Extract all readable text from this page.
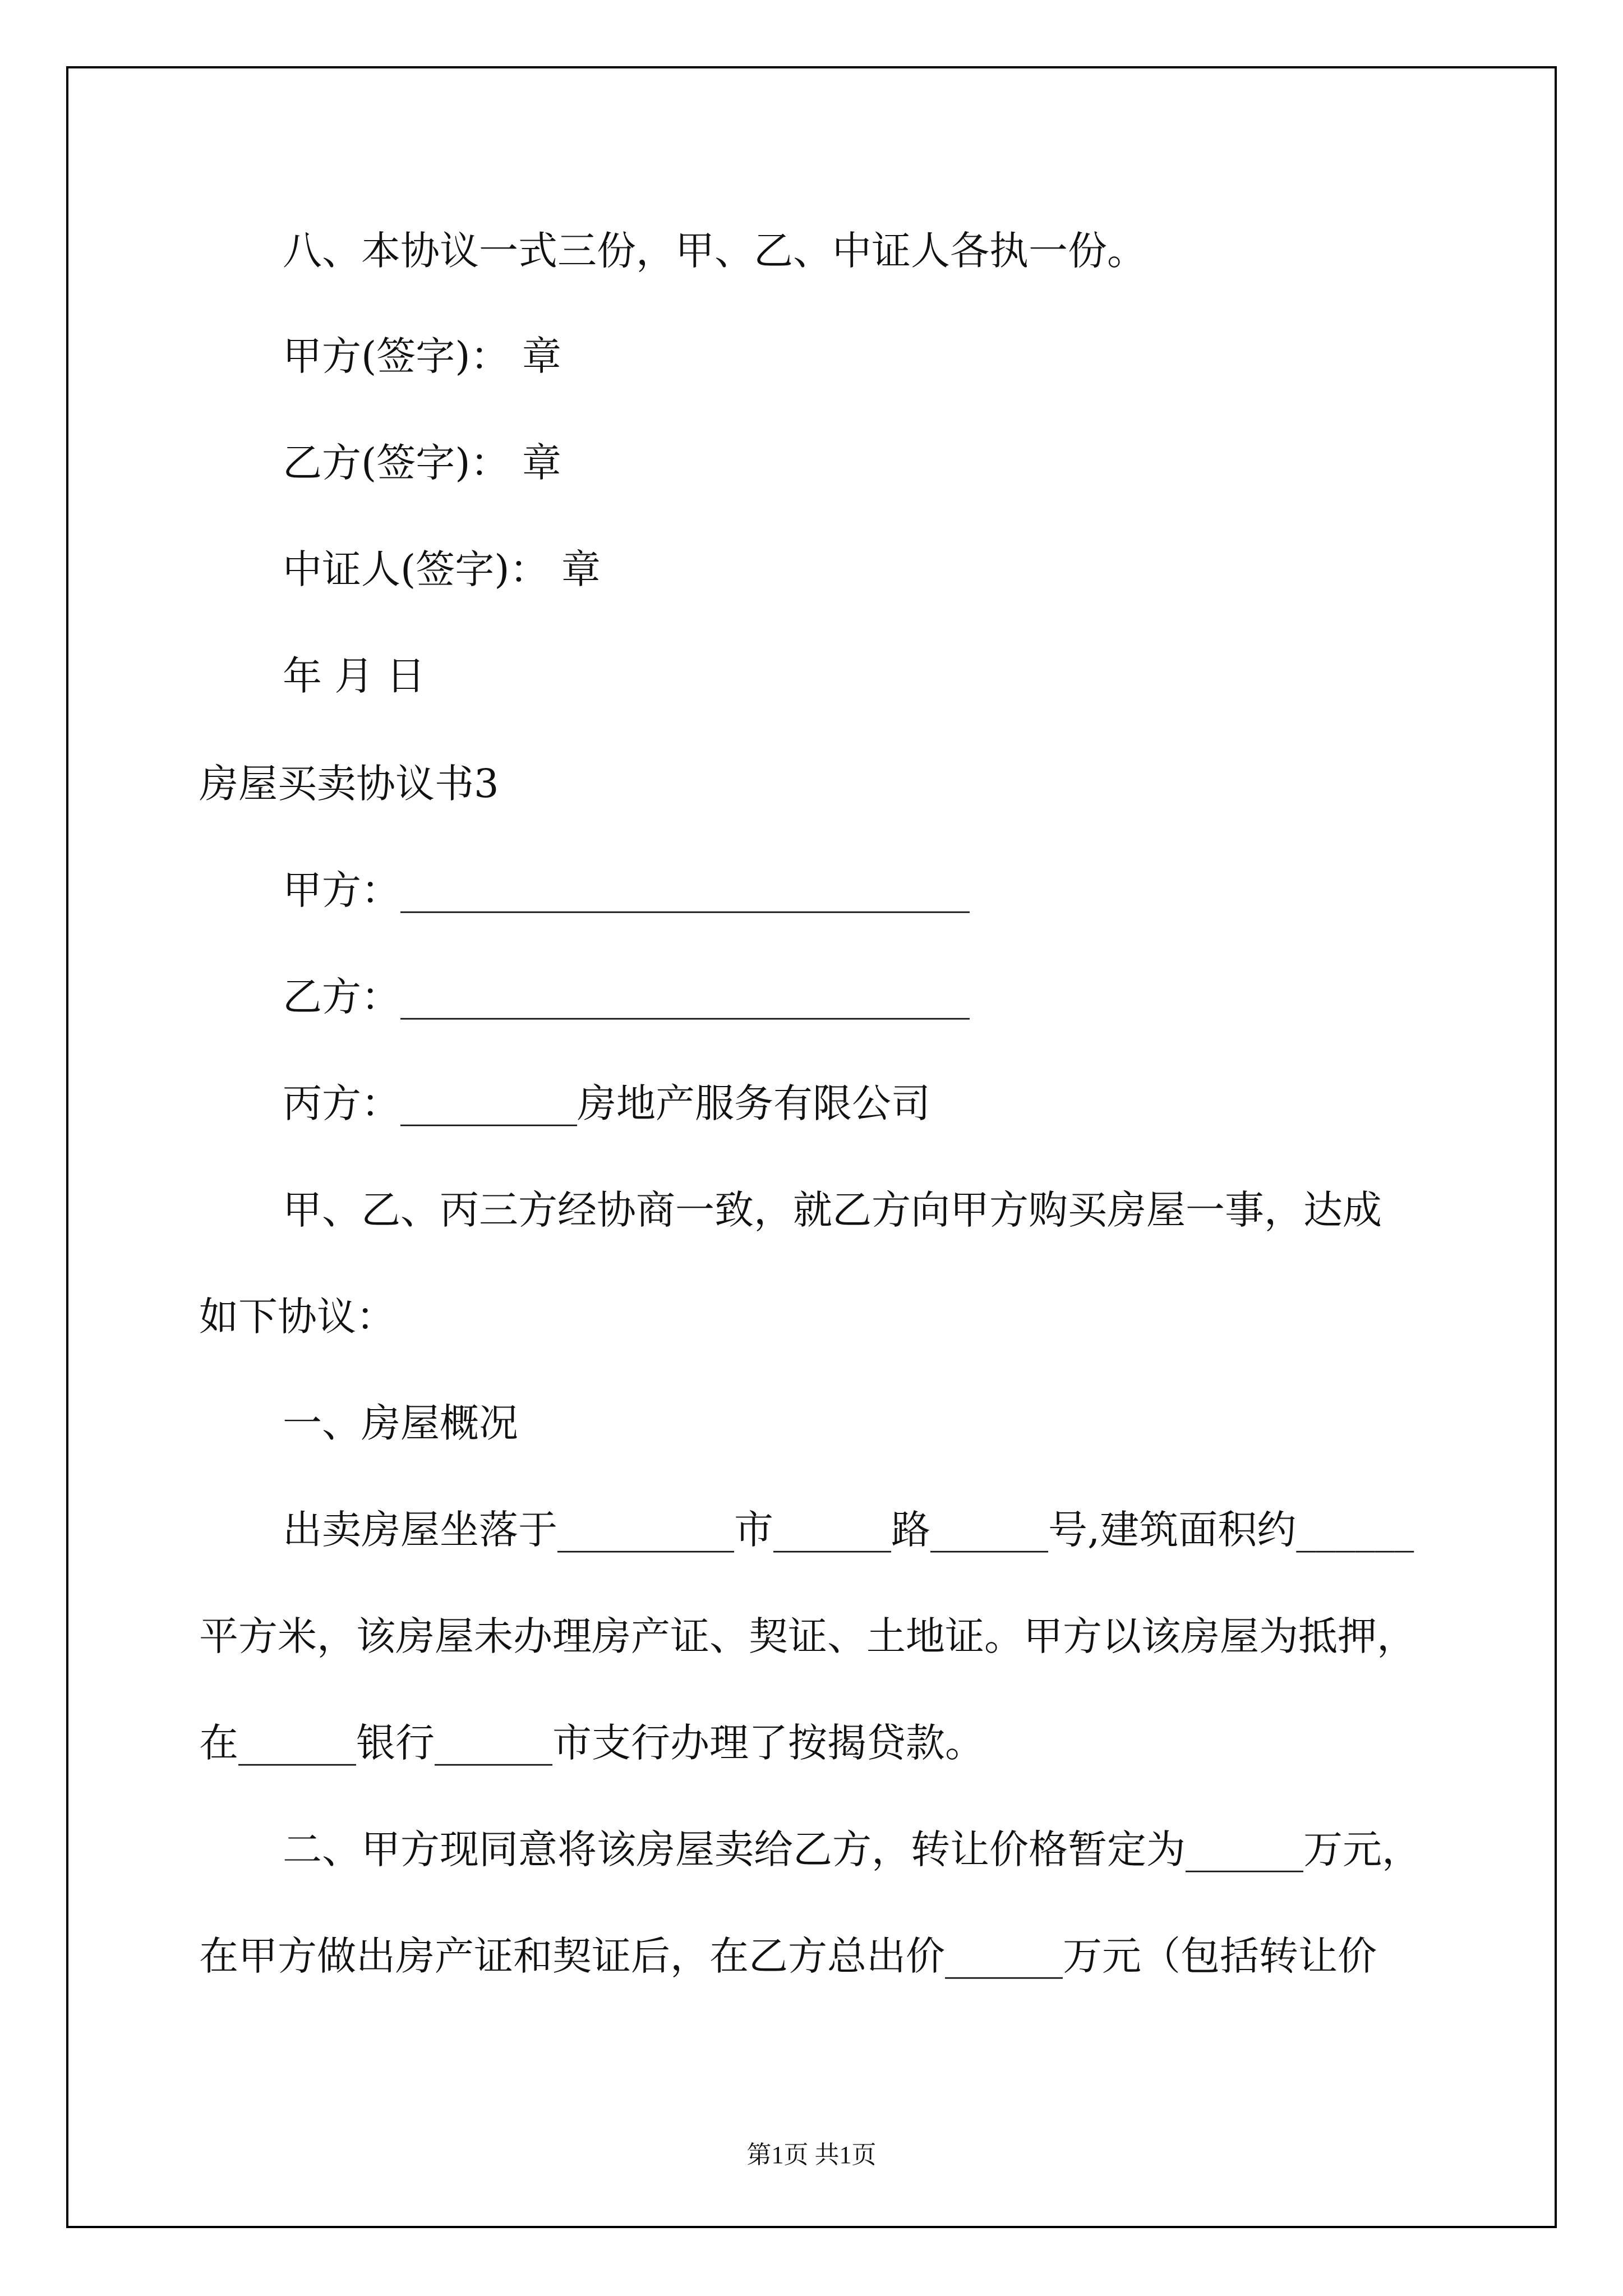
八、本协议一式三份，甲、乙、中证人各执一份。
甲方(签字)： 章
乙方(签字)： 章
中证人(签字)： 章
年 月 日
房屋买卖协议书3
甲方：_____________________________
乙方：_____________________________
丙方：_________房地产服务有限公司
甲、乙、丙三方经协商一致，就乙方向甲方购买房屋一事，达成
如下协议：
一、房屋概况
出卖房屋坐落于_________市______路______号,建筑面积约______
平方米，该房屋未办理房产证、契证、土地证。甲方以该房屋为抵押，
在______银行______市支行办理了按揭贷款。
二、甲方现同意将该房屋卖给乙方，转让价格暂定为______万元，
在甲方做出房产证和契证后，在乙方总出价______万元（包括转让价
第1页 共1页
